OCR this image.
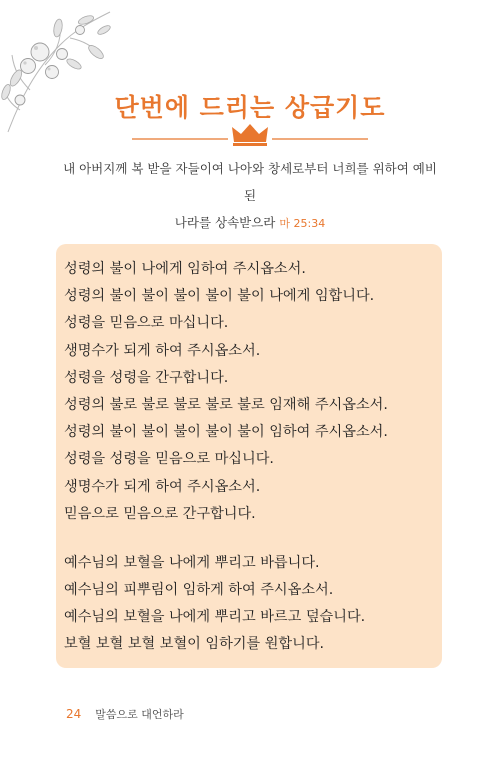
단번에 드리는 상급기도
내 아버지께 복 받을 자들이여 나아와 창세로부터 너희를 위하여 예비된
나라를 상속받으라 마 25:34
성령의 불이 나에게 임하여 주시옵소서.
성령의 불이 불이 불이 불이 불이 나에게 임합니다.
성령을 믿음으로 마십니다.
생명수가 되게 하여 주시옵소서.
성령을 성령을 간구합니다.
성령의 불로 불로 불로 불로 불로 임재해 주시옵소서.
성령의 불이 불이 불이 불이 불이 임하여 주시옵소서.
성령을 성령을 믿음으로 마십니다.
생명수가 되게 하여 주시옵소서.
믿음으로 믿음으로 간구합니다.
예수님의 보혈을 나에게 뿌리고 바릅니다.
예수님의 피뿌림이 임하게 하여 주시옵소서.
예수님의 보혈을 나에게 뿌리고 바르고 덮습니다.
보혈 보혈 보혈 보혈이 임하기를 원합니다.
24 말씀으로 대언하라
